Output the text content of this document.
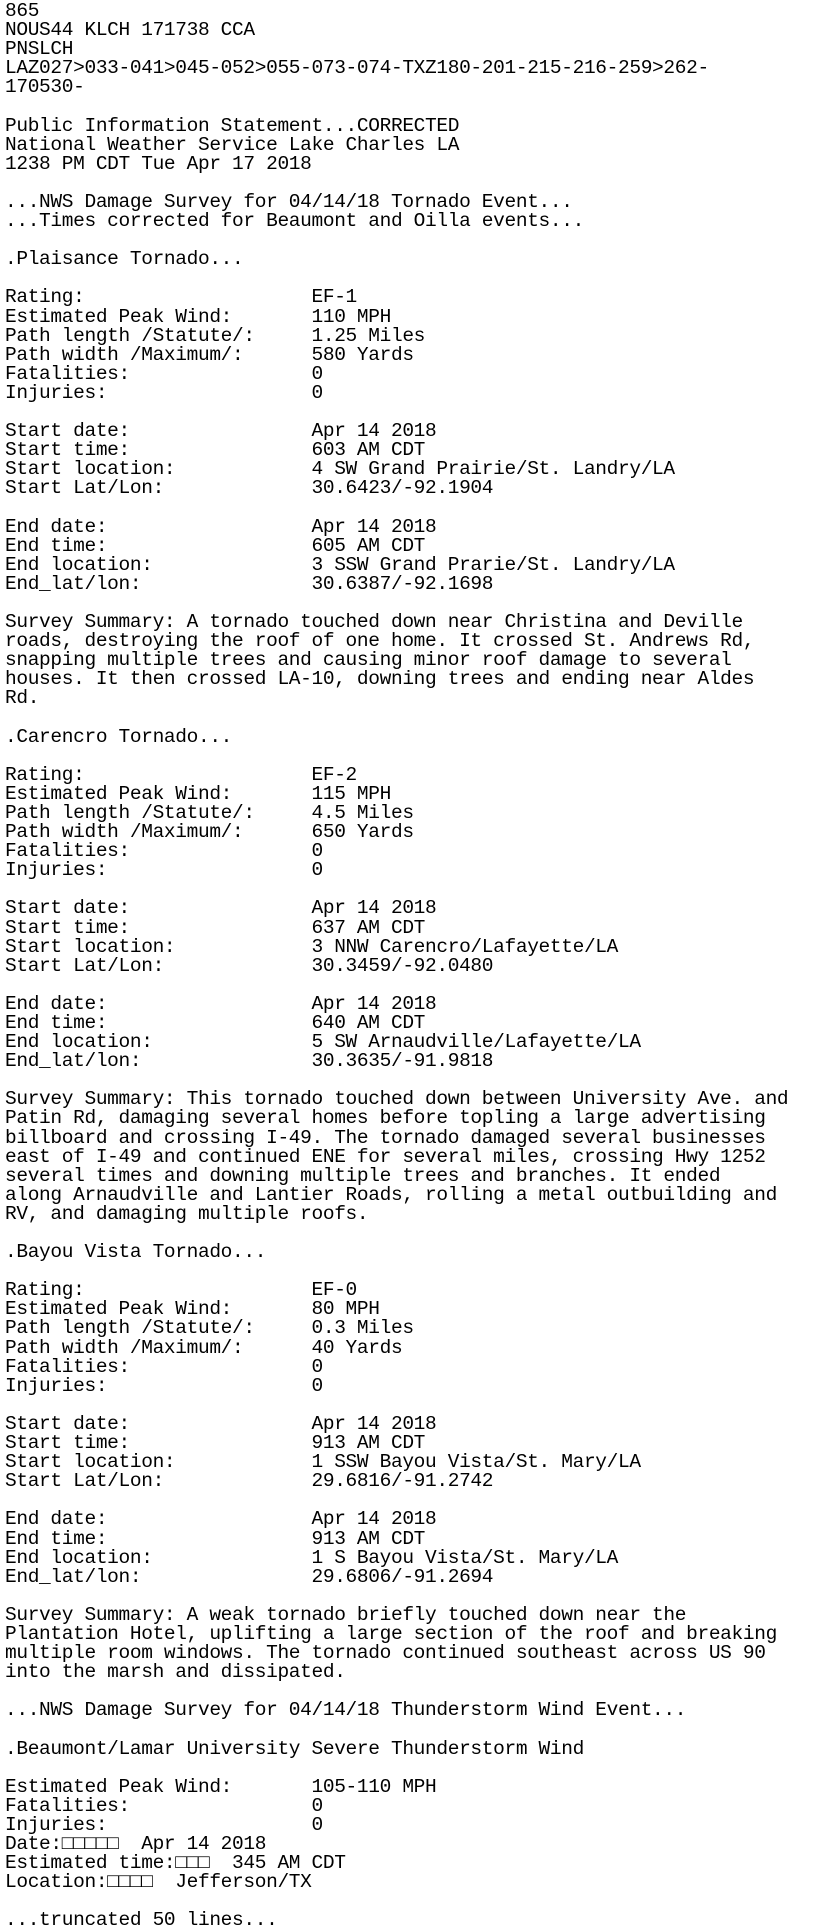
865
NOUS44 KLCH 171738 CCA
PNSLCH
LAZ027>033-041>045-052>055-073-074-TXZ180-201-215-216-259>262-
170530-

Public Information Statement...CORRECTED
National Weather Service Lake Charles LA
1238 PM CDT Tue Apr 17 2018

...NWS Damage Survey for 04/14/18 Tornado Event...
...Times corrected for Beaumont and Oilla events...

.Plaisance Tornado...

Rating:                    EF-1
Estimated Peak Wind:       110 MPH
Path length /Statute/:     1.25 Miles
Path width /Maximum/:      580 Yards
Fatalities:                0
Injuries:                  0

Start date:                Apr 14 2018
Start time:                603 AM CDT
Start location:            4 SW Grand Prairie/St. Landry/LA
Start Lat/Lon:             30.6423/-92.1904

End date:                  Apr 14 2018
End time:                  605 AM CDT
End location:              3 SSW Grand Prarie/St. Landry/LA
End_lat/lon:               30.6387/-92.1698

Survey Summary: A tornado touched down near Christina and Deville
roads, destroying the roof of one home. It crossed St. Andrews Rd,
snapping multiple trees and causing minor roof damage to several
houses. It then crossed LA-10, downing trees and ending near Aldes
Rd.

.Carencro Tornado...

Rating:                    EF-2
Estimated Peak Wind:       115 MPH
Path length /Statute/:     4.5 Miles
Path width /Maximum/:      650 Yards
Fatalities:                0
Injuries:                  0

Start date:                Apr 14 2018
Start time:                637 AM CDT
Start location:            3 NNW Carencro/Lafayette/LA
Start Lat/Lon:             30.3459/-92.0480

End date:                  Apr 14 2018
End time:                  640 AM CDT
End location:              5 SW Arnaudville/Lafayette/LA
End_lat/lon:               30.3635/-91.9818

Survey Summary: This tornado touched down between University Ave. and
Patin Rd, damaging several homes before topling a large advertising
billboard and crossing I-49. The tornado damaged several businesses
east of I-49 and continued ENE for several miles, crossing Hwy 1252
several times and downing multiple trees and branches. It ended
along Arnaudville and Lantier Roads, rolling a metal outbuilding and
RV, and damaging multiple roofs.

.Bayou Vista Tornado...

Rating:                    EF-0
Estimated Peak Wind:       80 MPH
Path length /Statute/:     0.3 Miles
Path width /Maximum/:      40 Yards
Fatalities:                0
Injuries:                  0

Start date:                Apr 14 2018
Start time:                913 AM CDT
Start location:            1 SSW Bayou Vista/St. Mary/LA
Start Lat/Lon:             29.6816/-91.2742

End date:                  Apr 14 2018
End time:                  913 AM CDT
End location:              1 S Bayou Vista/St. Mary/LA
End_lat/lon:               29.6806/-91.2694

Survey Summary: A weak tornado briefly touched down near the
Plantation Hotel, uplifting a large section of the roof and breaking
multiple room windows. The tornado continued southeast across US 90
into the marsh and dissipated.

...NWS Damage Survey for 04/14/18 Thunderstorm Wind Event...

.Beaumont/Lamar University Severe Thunderstorm Wind

Estimated Peak Wind:       105-110 MPH
Fatalities:                0
Injuries:                  0
Date:□□□□□  Apr 14 2018
Estimated time:□□□  345 AM CDT
Location:□□□□  Jefferson/TX

...truncated 50 lines...
